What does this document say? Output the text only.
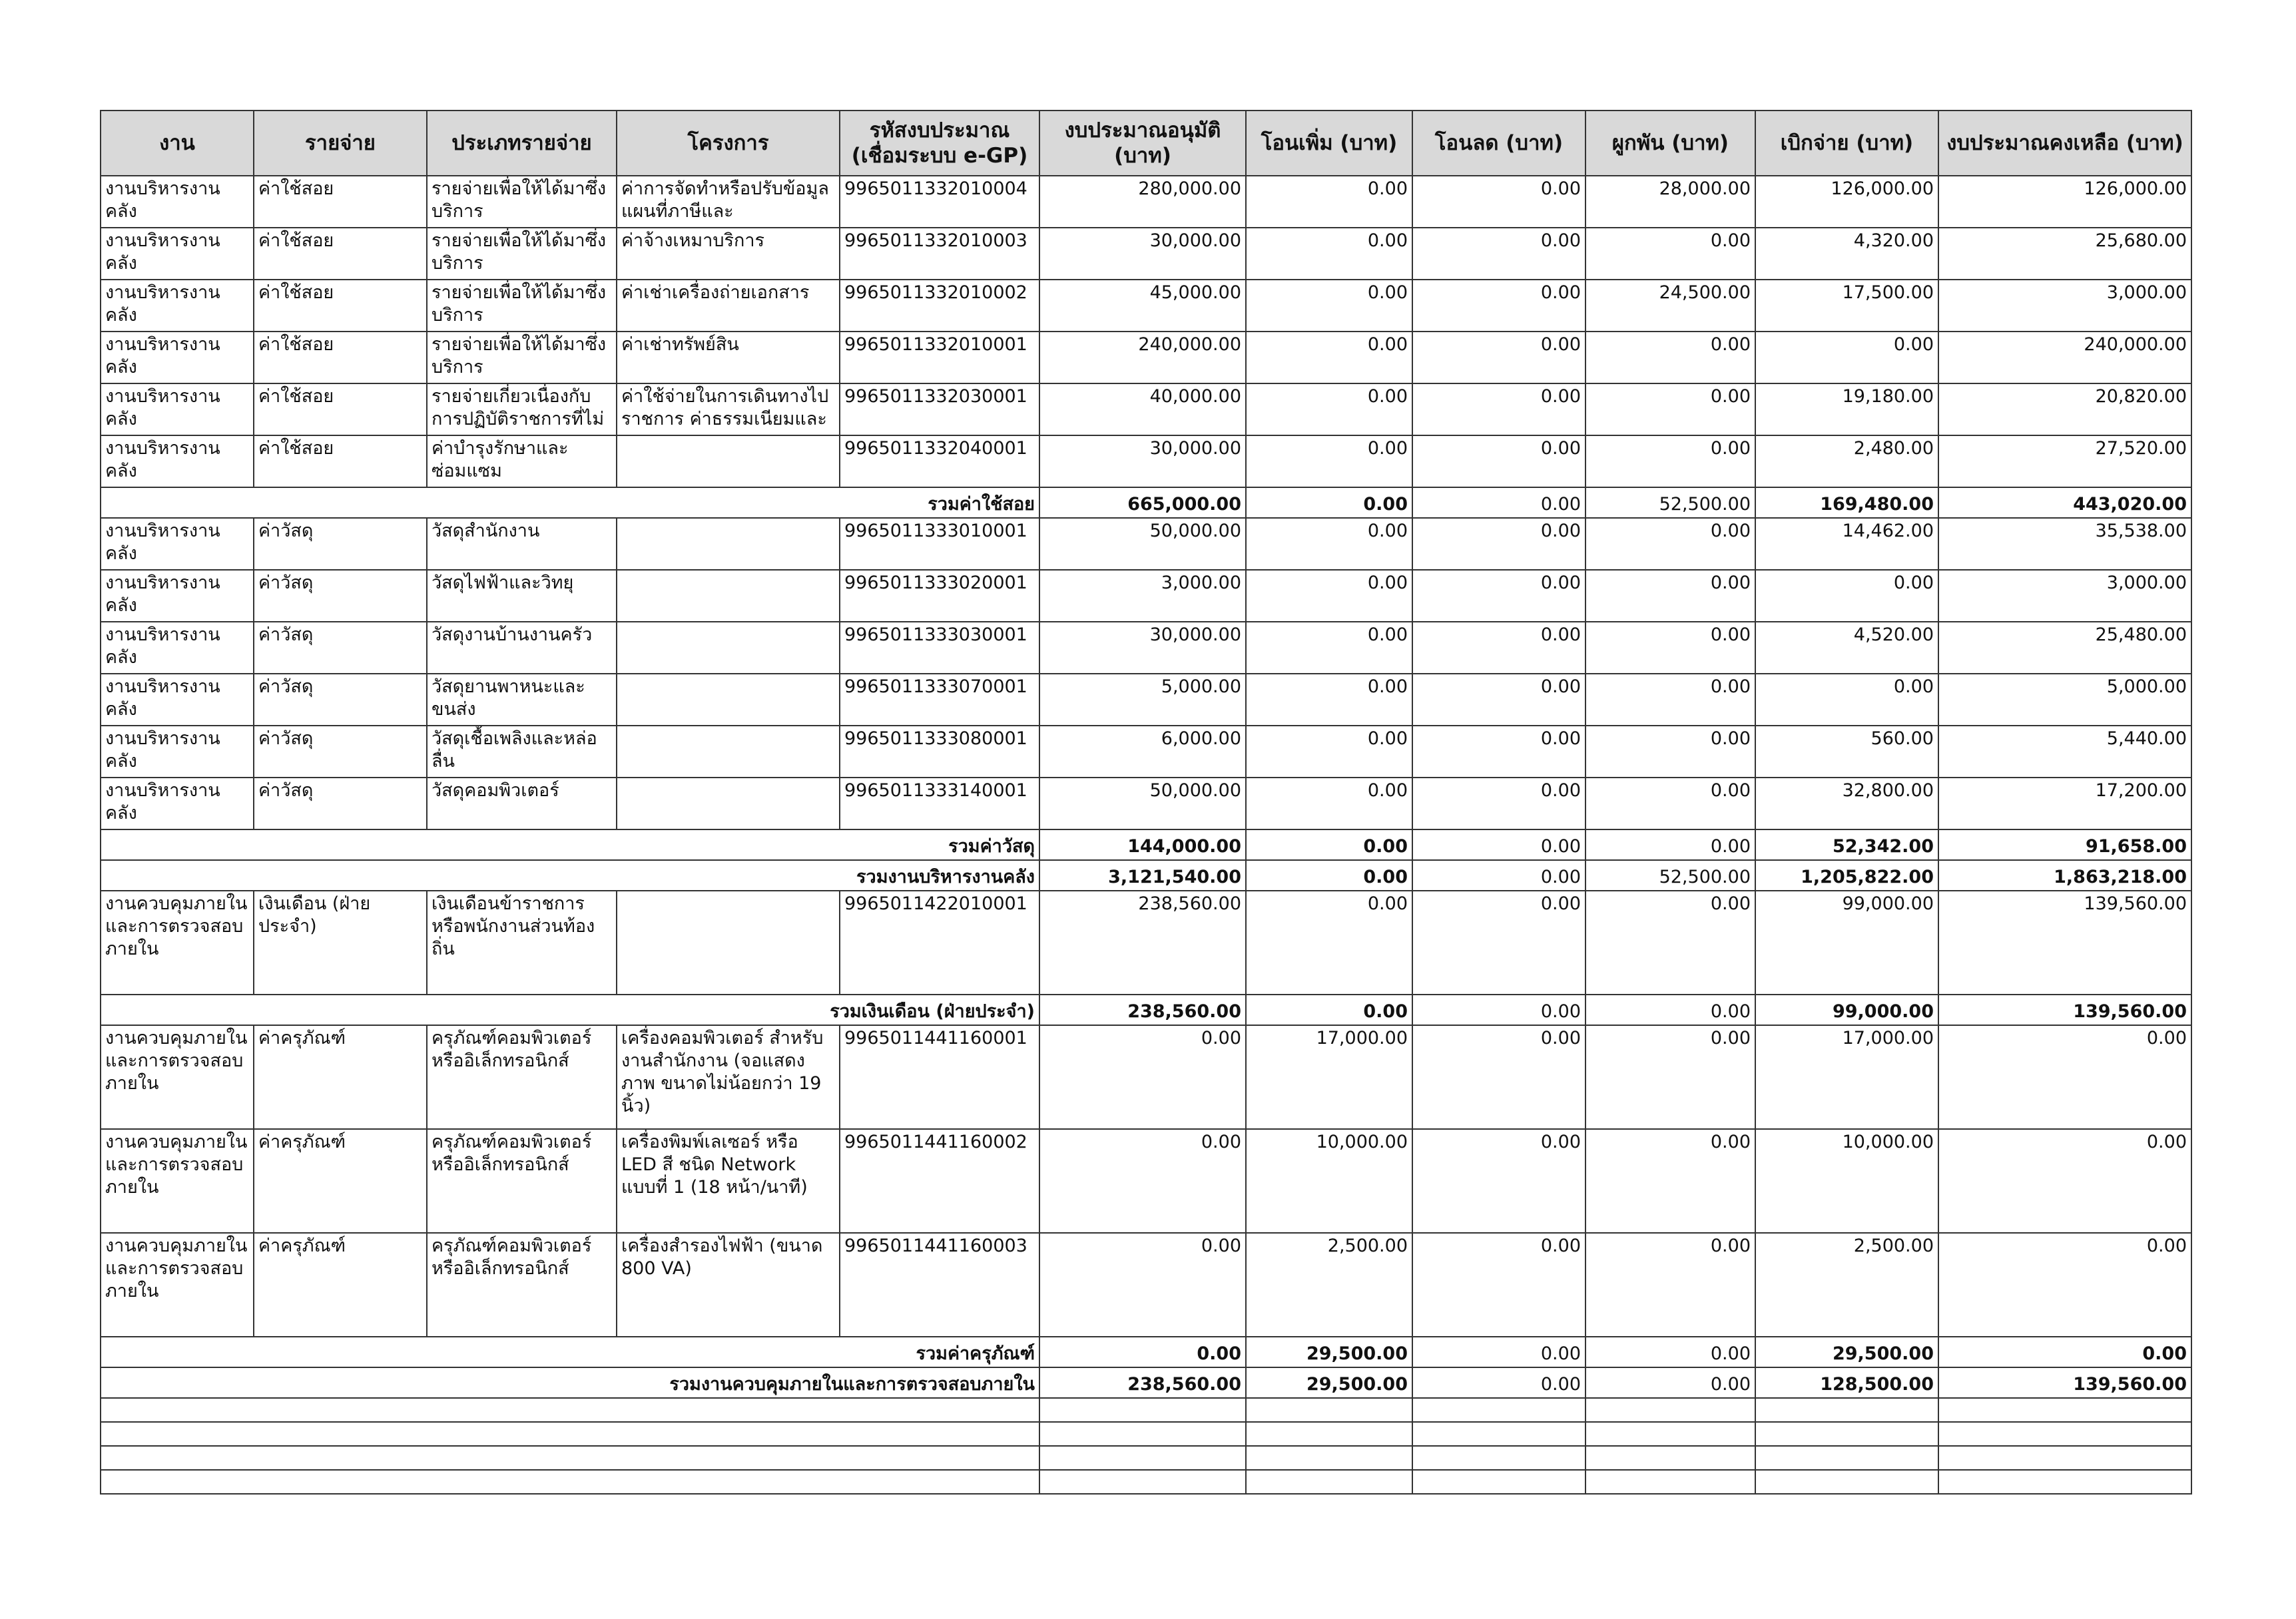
งาน	รายจ่าย	ประเภทรายจ่าย	โครงการ	รหัสงบประมาณ (เชื่อมระบบ e-GP)	งบประมาณอนุมัติ (บาท)	โอนเพิ่ม (บาท)	โอนลด (บาท)	ผูกพัน (บาท)	เบิกจ่าย (บาท)	งบประมาณคงเหลือ (บาท)
งานบริหารงานคลัง	ค่าใช้สอย	รายจ่ายเพื่อให้ได้มาซึ่งบริการ	ค่าการจัดทำหรือปรับข้อมูลแผนที่ภาษีและ	9965011332010004	280,000.00	0.00	0.00	28,000.00	126,000.00	126,000.00
งานบริหารงานคลัง	ค่าใช้สอย	รายจ่ายเพื่อให้ได้มาซึ่งบริการ	ค่าจ้างเหมาบริการ	9965011332010003	30,000.00	0.00	0.00	0.00	4,320.00	25,680.00
งานบริหารงานคลัง	ค่าใช้สอย	รายจ่ายเพื่อให้ได้มาซึ่งบริการ	ค่าเช่าเครื่องถ่ายเอกสาร	9965011332010002	45,000.00	0.00	0.00	24,500.00	17,500.00	3,000.00
งานบริหารงานคลัง	ค่าใช้สอย	รายจ่ายเพื่อให้ได้มาซึ่งบริการ	ค่าเช่าทรัพย์สิน	9965011332010001	240,000.00	0.00	0.00	0.00	0.00	240,000.00
งานบริหารงานคลัง	ค่าใช้สอย	รายจ่ายเกี่ยวเนื่องกับการปฏิบัติราชการที่ไม่	ค่าใช้จ่ายในการเดินทางไปราชการ ค่าธรรมเนียมและ	9965011332030001	40,000.00	0.00	0.00	0.00	19,180.00	20,820.00
งานบริหารงานคลัง	ค่าใช้สอย	ค่าบำรุงรักษาและซ่อมแซม		9965011332040001	30,000.00	0.00	0.00	0.00	2,480.00	27,520.00
รวมค่าใช้สอย					665,000.00	0.00	0.00	52,500.00	169,480.00	443,020.00
งานบริหารงานคลัง	ค่าวัสดุ	วัสดุสำนักงาน		9965011333010001	50,000.00	0.00	0.00	0.00	14,462.00	35,538.00
งานบริหารงานคลัง	ค่าวัสดุ	วัสดุไฟฟ้าและวิทยุ		9965011333020001	3,000.00	0.00	0.00	0.00	0.00	3,000.00
งานบริหารงานคลัง	ค่าวัสดุ	วัสดุงานบ้านงานครัว		9965011333030001	30,000.00	0.00	0.00	0.00	4,520.00	25,480.00
งานบริหารงานคลัง	ค่าวัสดุ	วัสดุยานพาหนะและขนส่ง		9965011333070001	5,000.00	0.00	0.00	0.00	0.00	5,000.00
งานบริหารงานคลัง	ค่าวัสดุ	วัสดุเชื้อเพลิงและหล่อลื่น		9965011333080001	6,000.00	0.00	0.00	0.00	560.00	5,440.00
งานบริหารงานคลัง	ค่าวัสดุ	วัสดุคอมพิวเตอร์		9965011333140001	50,000.00	0.00	0.00	0.00	32,800.00	17,200.00
รวมค่าวัสดุ					144,000.00	0.00	0.00	0.00	52,342.00	91,658.00
รวมงานบริหารงานคลัง					3,121,540.00	0.00	0.00	52,500.00	1,205,822.00	1,863,218.00
งานควบคุมภายในและการตรวจสอบภายใน	เงินเดือน (ฝ่ายประจำ)	เงินเดือนข้าราชการหรือพนักงานส่วนท้องถิ่น		9965011422010001	238,560.00	0.00	0.00	0.00	99,000.00	139,560.00
รวมเงินเดือน (ฝ่ายประจำ)					238,560.00	0.00	0.00	0.00	99,000.00	139,560.00
งานควบคุมภายในและการตรวจสอบภายใน	ค่าครุภัณฑ์	ครุภัณฑ์คอมพิวเตอร์หรืออิเล็กทรอนิกส์	เครื่องคอมพิวเตอร์ สำหรับงานสำนักงาน (จอแสดงภาพ ขนาดไม่น้อยกว่า 19 นิ้ว)	9965011441160001	0.00	17,000.00	0.00	0.00	17,000.00	0.00
งานควบคุมภายในและการตรวจสอบภายใน	ค่าครุภัณฑ์	ครุภัณฑ์คอมพิวเตอร์หรืออิเล็กทรอนิกส์	เครื่องพิมพ์เลเซอร์ หรือ LED สี ชนิด Network แบบที่ 1 (18 หน้า/นาที)	9965011441160002	0.00	10,000.00	0.00	0.00	10,000.00	0.00
งานควบคุมภายในและการตรวจสอบภายใน	ค่าครุภัณฑ์	ครุภัณฑ์คอมพิวเตอร์หรืออิเล็กทรอนิกส์	เครื่องสำรองไฟฟ้า (ขนาด 800 VA)	9965011441160003	0.00	2,500.00	0.00	0.00	2,500.00	0.00
รวมค่าครุภัณฑ์					0.00	29,500.00	0.00	0.00	29,500.00	0.00
รวมงานควบคุมภายในและการตรวจสอบภายใน					238,560.00	29,500.00	0.00	0.00	128,500.00	139,560.00
